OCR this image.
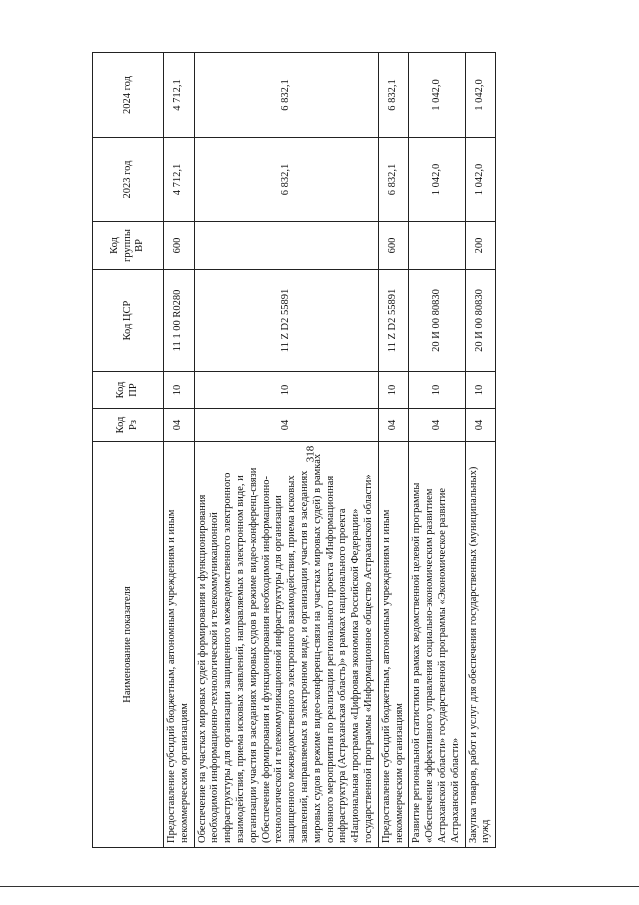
318
Наименование показателя	Код Рз	Код ПР	Код ЦСР	Код группы ВР	2023 год	2024 год
Предоставление субсидий бюджетным, автономным учреждениям и иным некоммерческим организациям	04	10	11 1 00 R0280	600	4 712,1	4 712,1
Обеспечение на участках мировых судей формирования и функционирования необходимой информационно-технологической и телекоммуникационной инфраструктуры для организации защищенного межведомственного электронного взаимодействия, приема исковых заявлений, направляемых в электронном виде, и организации участия в заседаниях мировых судов в режиме видео-конференц-связи (Обеспечение формирования и функционирования необходимой информационно-технологической и телекоммуникационной инфраструктуры для организации защищенного межведомственного электронного взаимодействия, приема исковых заявлений, направляемых в электронном виде, и организации участия в заседаниях мировых судов в режиме видео-конференц-связи на участках мировых судей) в рамках основного мероприятия по реализации регионального проекта «Информационная инфраструктура (Астраханская область)» в рамках национального проекта «Национальная программа «Цифровая экономика Российской Федерации» государственной программы «Информационное общество Астраханской области»	04	10	11 Z D2 55891		6 832,1	6 832,1
Предоставление субсидий бюджетным, автономным учреждениям и иным некоммерческим организациям	04	10	11 Z D2 55891	600	6 832,1	6 832,1
Развитие региональной статистики в рамках ведомственной целевой программы «Обеспечение эффективного управления социально-экономическим развитием Астраханской области» государственной программы «Экономическое развитие Астраханской области»	04	10	20 И 00 80830		1 042,0	1 042,0
Закупка товаров, работ и услуг для обеспечения государственных (муниципальных) нужд	04	10	20 И 00 80830	200	1 042,0	1 042,0
